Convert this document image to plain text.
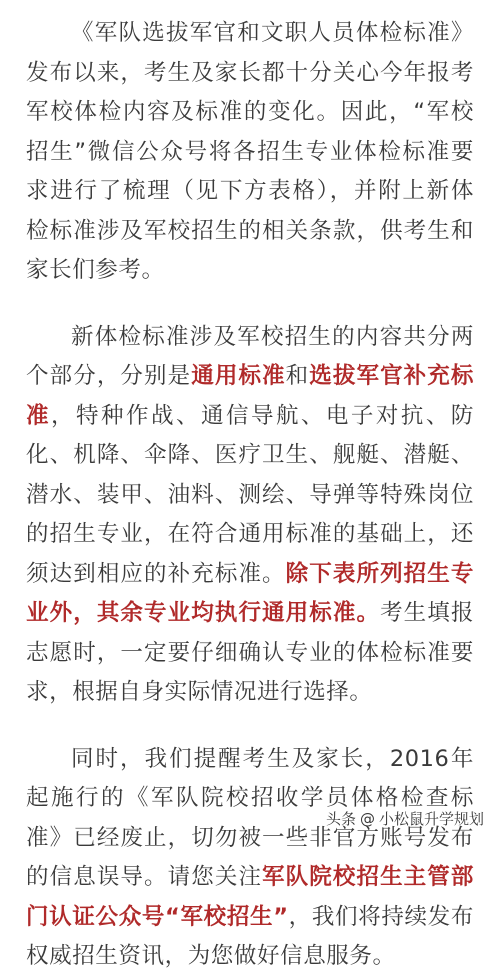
《军队选拔军官和文职人员体检标准》发布以来，考生及家长都十分关心今年报考军校体检内容及标准的变化。因此，“军校招生”微信公众号将各招生专业体检标准要求进行了梳理（见下方表格），并附上新体检标准涉及军校招生的相关条款，供考生和家长们参考。

新体检标准涉及军校招生的内容共分两个部分，分别是通用标准和选拔军官补充标准，特种作战、通信导航、电子对抗、防化、机降、伞降、医疗卫生、舰艇、潜艇、潜水、装甲、油料、测绘、导弹等特殊岗位的招生专业，在符合通用标准的基础上，还须达到相应的补充标准。除下表所列招生专业外，其余专业均执行通用标准。考生填报志愿时，一定要仔细确认专业的体检标准要求，根据自身实际情况进行选择。

同时，我们提醒考生及家长，2016年起施行的《军队院校招收学员体格检查标准》已经废止，切勿被一些非官方账号发布的信息误导。请您关注军队院校招生主管部门认证公众号“军校招生”，我们将持续发布权威招生资讯，为您做好信息服务。

头条 @ 小松鼠升学规划
